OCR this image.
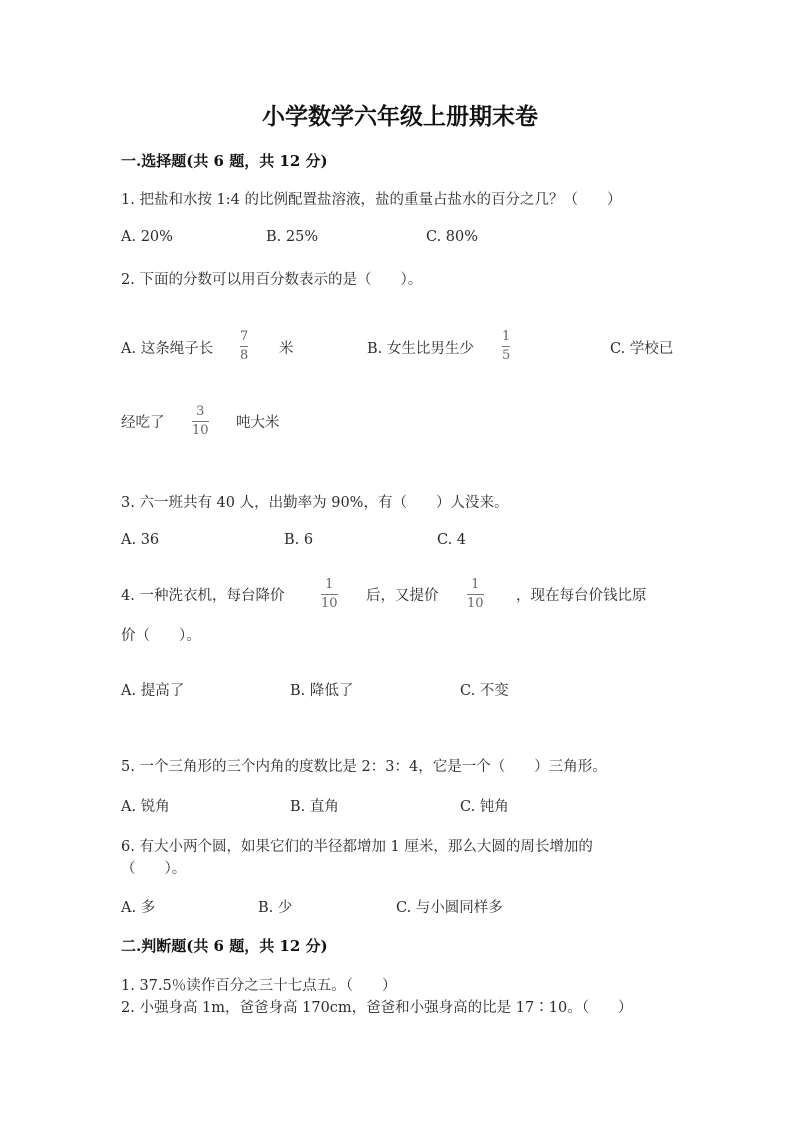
小学数学六年级上册期末卷
一.选择题(共 6 题，共 12 分)
1. 把盐和水按 1:4 的比例配置盐溶液，盐的重量占盐水的百分之几？（　　）
A. 20%	B. 25%	C. 80%
2. 下面的分数可以用百分数表示的是（　　）。
A. 这条绳子长
7
8 米	B. 女生比男生少
1
5	C. 学校已
经吃了
3
10 吨大米
3. 六一班共有 40 人，出勤率为 90%，有（　　）人没来。
A. 36	B. 6	C. 4
4. 一种洗衣机，每台降价
1
10 后，又提价
1
10 ，现在每台价钱比原
价（　　）。
A. 提高了	B. 降低了	C. 不变
5. 一个三角形的三个内角的度数比是 2：3：4，它是一个（　　）三角形。
A. 锐角	B. 直角	C. 钝角
6. 有大小两个圆，如果它们的半径都增加 1 厘米，那么大圆的周长增加的
（　　）。
A. 多	B. 少	C. 与小圆同样多
二.判断题(共 6 题，共 12 分)
1. 37.5％读作百分之三十七点五。（　　）
2. 小强身高 1m，爸爸身高 170cm，爸爸和小强身高的比是 17∶10。（　　）
